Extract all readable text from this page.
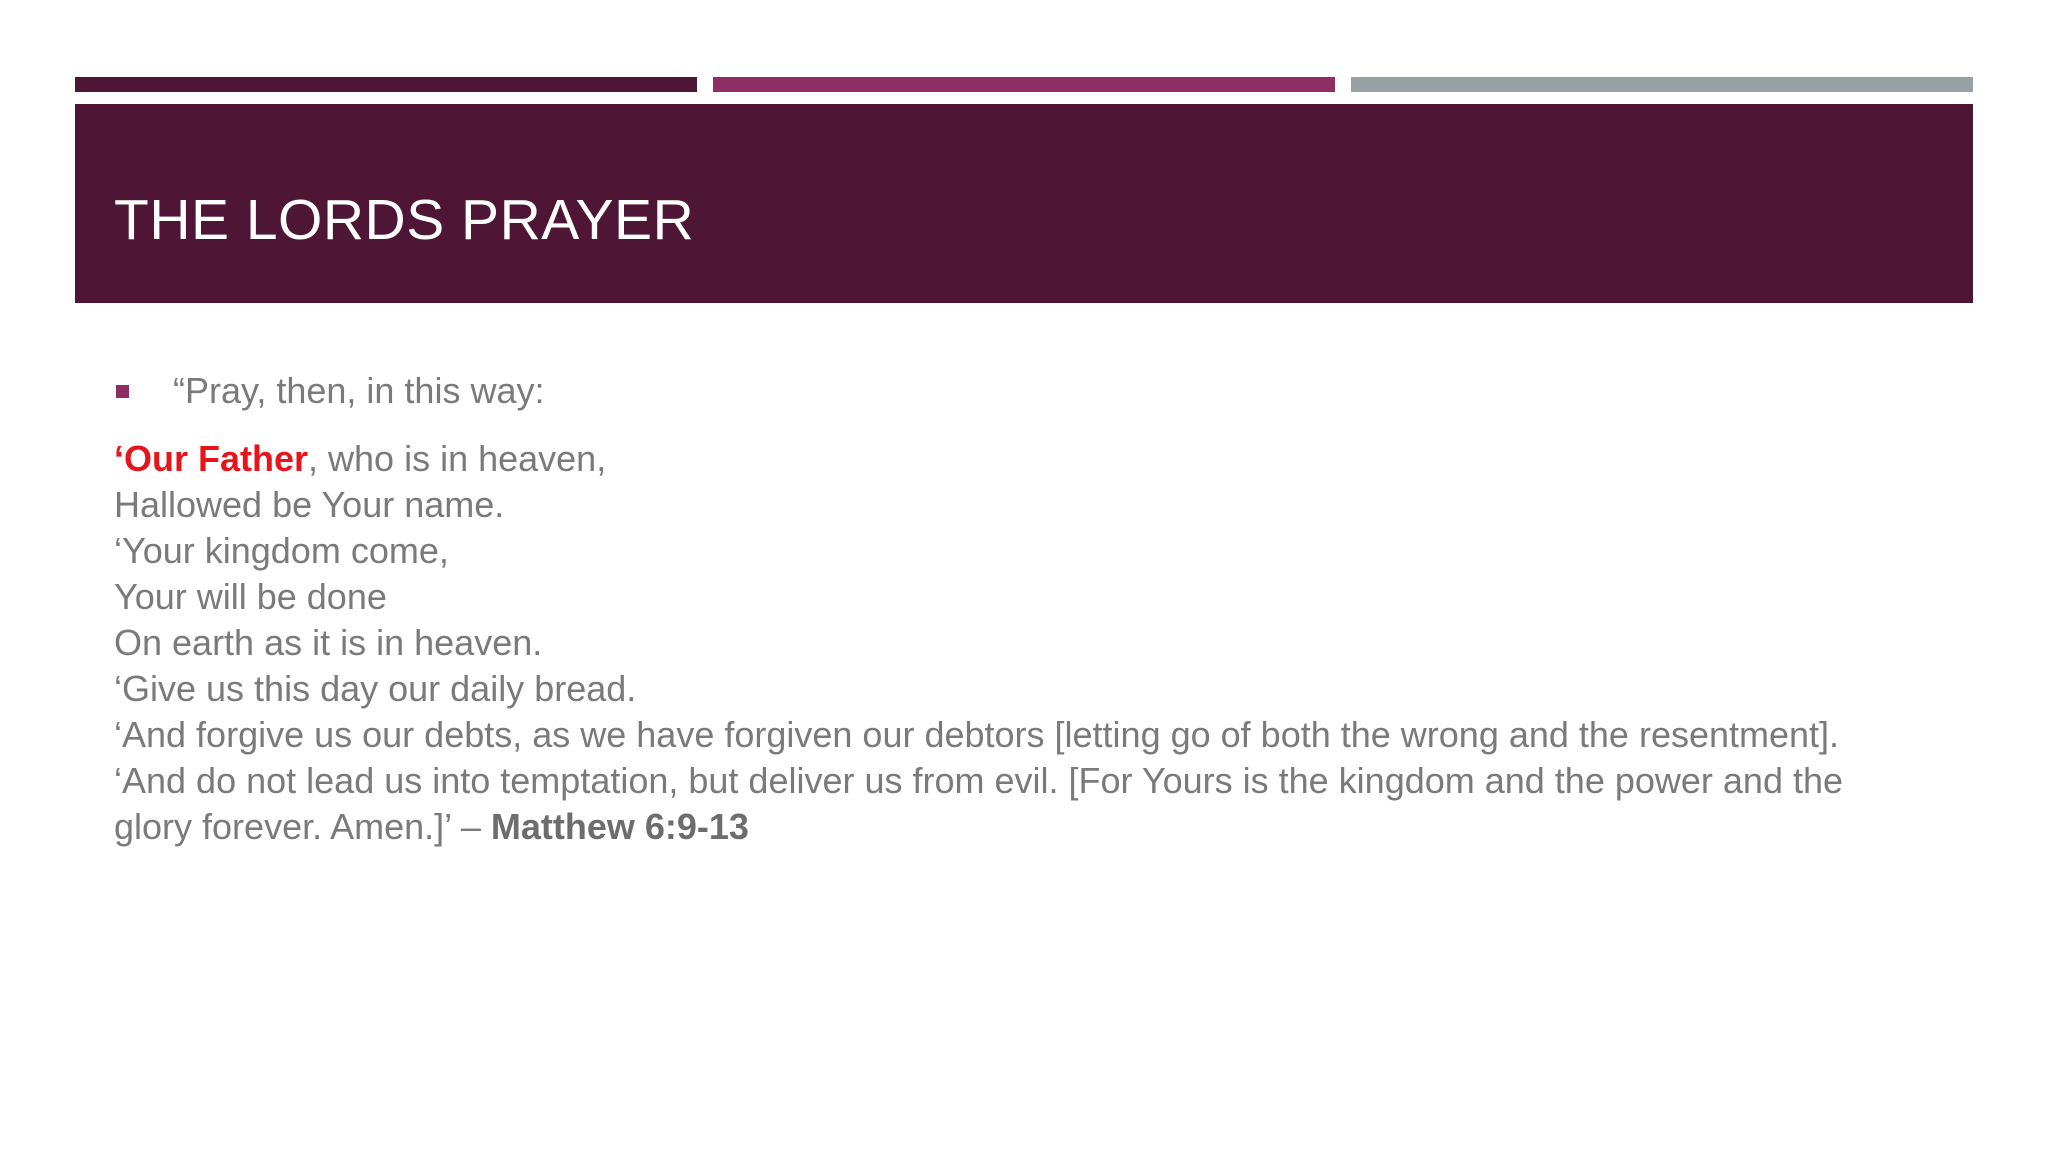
THE LORDS PRAYER
“Pray, then, in this way:
‘Our Father, who is in heaven,
Hallowed be Your name.
‘Your kingdom come,
Your will be done
On earth as it is in heaven.
‘Give us this day our daily bread.
‘And forgive us our debts, as we have forgiven our debtors [letting go of both the wrong and the resentment].
‘And do not lead us into temptation, but deliver us from evil. [For Yours is the kingdom and the power and the glory forever. Amen.]’ – Matthew 6:9-13
